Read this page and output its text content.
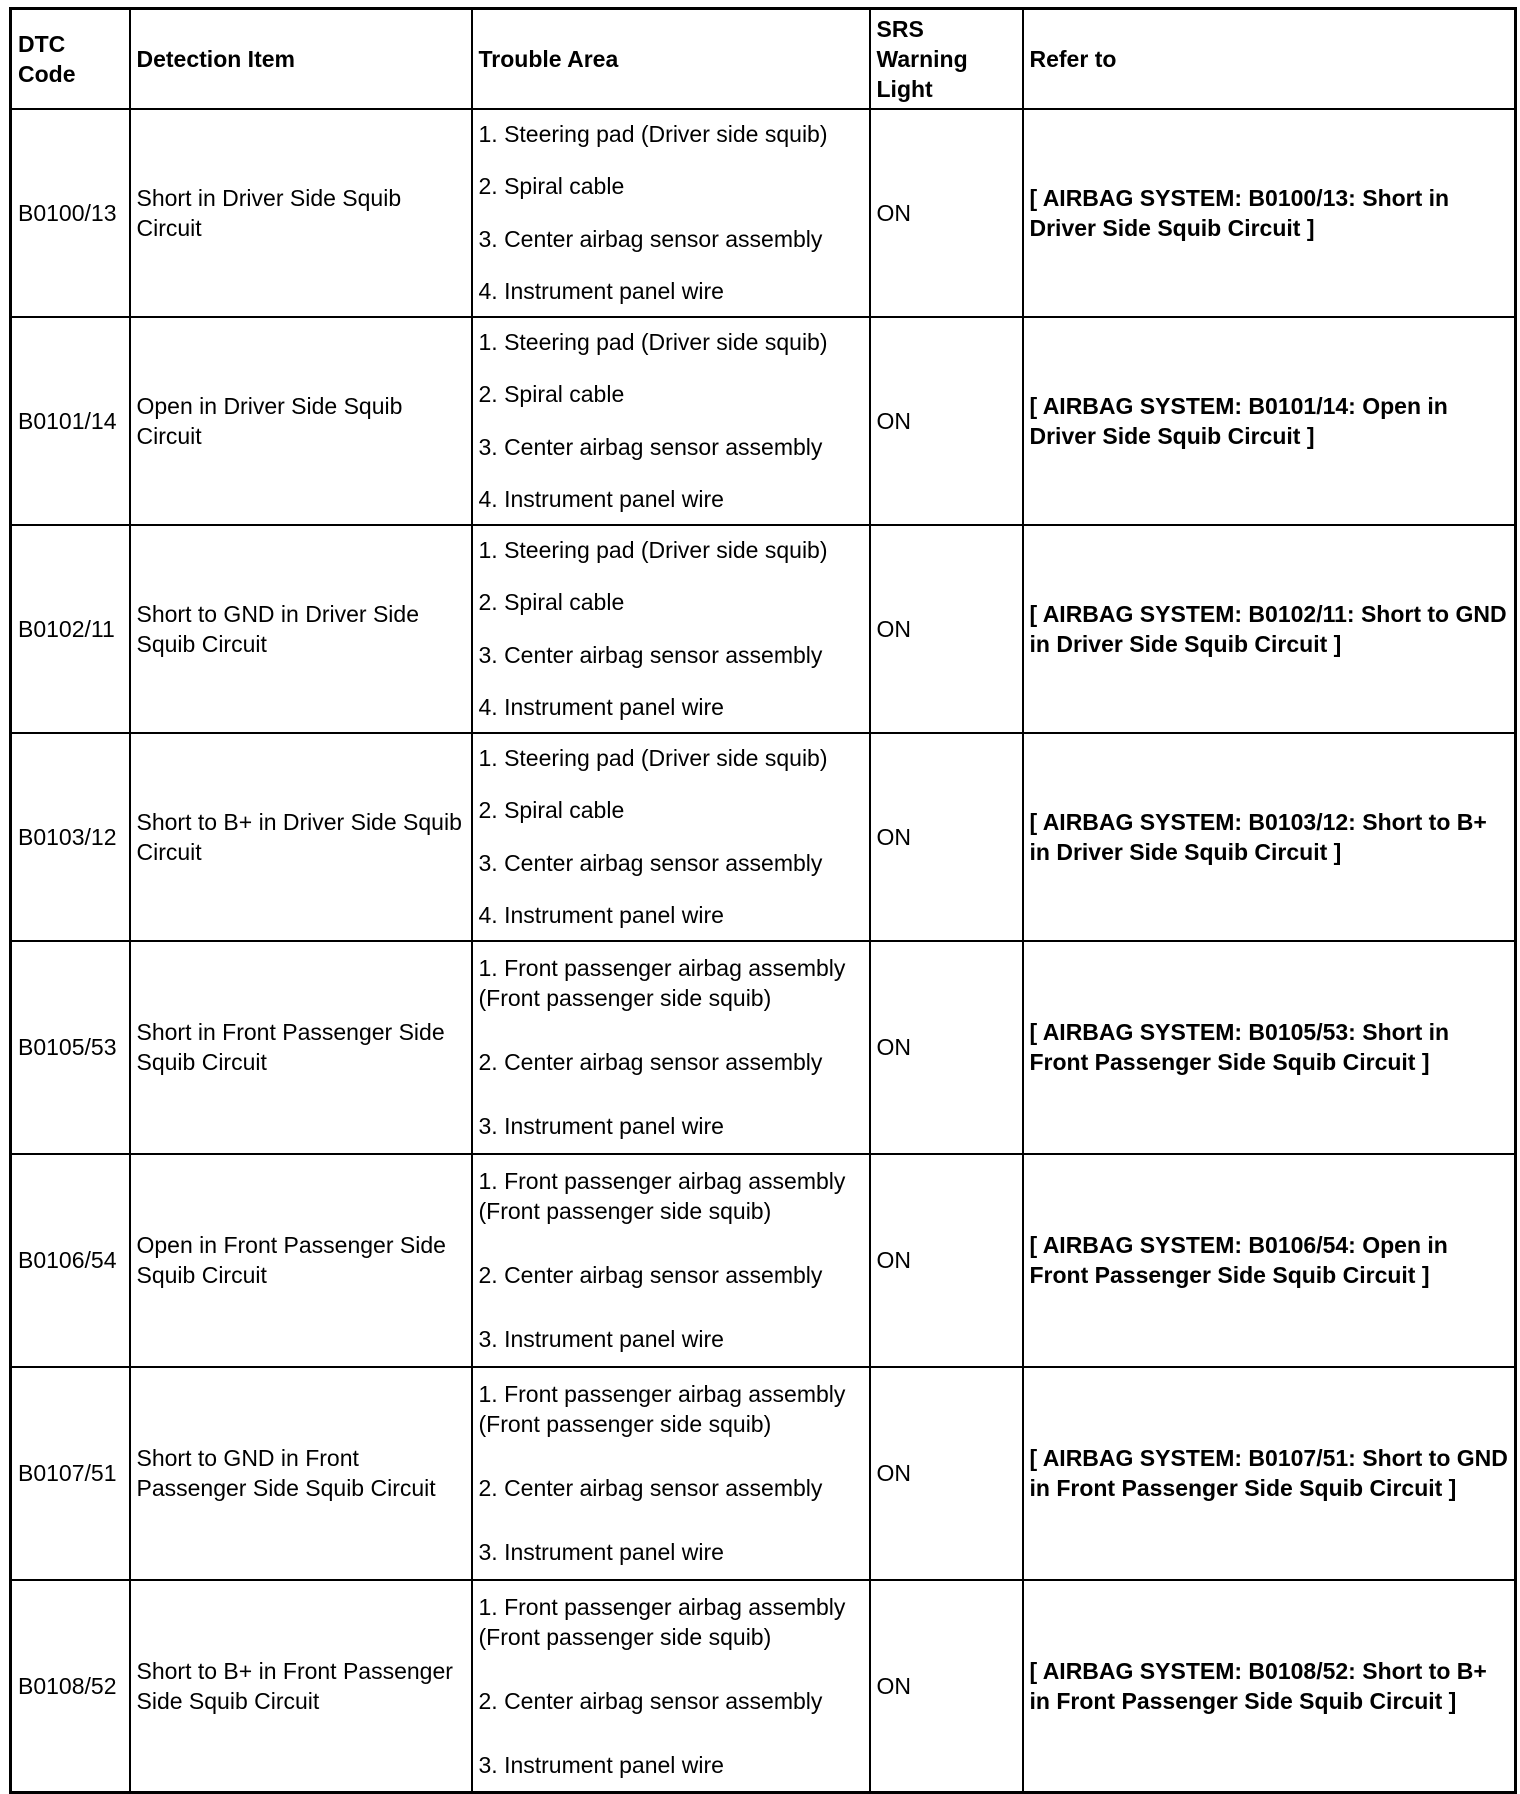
DTC Code	Detection Item	Trouble Area	SRS Warning Light	Refer to
B0100/13	Short in Driver Side Squib Circuit	1. Steering pad (Driver side squib)
2. Spiral cable
3. Center airbag sensor assembly
4. Instrument panel wire	ON	[ AIRBAG SYSTEM: B0100/13: Short in Driver Side Squib Circuit ]
B0101/14	Open in Driver Side Squib Circuit	1. Steering pad (Driver side squib)
2. Spiral cable
3. Center airbag sensor assembly
4. Instrument panel wire	ON	[ AIRBAG SYSTEM: B0101/14: Open in Driver Side Squib Circuit ]
B0102/11	Short to GND in Driver Side Squib Circuit	1. Steering pad (Driver side squib)
2. Spiral cable
3. Center airbag sensor assembly
4. Instrument panel wire	ON	[ AIRBAG SYSTEM: B0102/11: Short to GND in Driver Side Squib Circuit ]
B0103/12	Short to B+ in Driver Side Squib Circuit	1. Steering pad (Driver side squib)
2. Spiral cable
3. Center airbag sensor assembly
4. Instrument panel wire	ON	[ AIRBAG SYSTEM: B0103/12: Short to B+ in Driver Side Squib Circuit ]
B0105/53	Short in Front Passenger Side Squib Circuit	1. Front passenger airbag assembly (Front passenger side squib)
2. Center airbag sensor assembly
3. Instrument panel wire	ON	[ AIRBAG SYSTEM: B0105/53: Short in Front Passenger Side Squib Circuit ]
B0106/54	Open in Front Passenger Side Squib Circuit	1. Front passenger airbag assembly (Front passenger side squib)
2. Center airbag sensor assembly
3. Instrument panel wire	ON	[ AIRBAG SYSTEM: B0106/54: Open in Front Passenger Side Squib Circuit ]
B0107/51	Short to GND in Front Passenger Side Squib Circuit	1. Front passenger airbag assembly (Front passenger side squib)
2. Center airbag sensor assembly
3. Instrument panel wire	ON	[ AIRBAG SYSTEM: B0107/51: Short to GND in Front Passenger Side Squib Circuit ]
B0108/52	Short to B+ in Front Passenger Side Squib Circuit	1. Front passenger airbag assembly (Front passenger side squib)
2. Center airbag sensor assembly
3. Instrument panel wire	ON	[ AIRBAG SYSTEM: B0108/52: Short to B+ in Front Passenger Side Squib Circuit ]
